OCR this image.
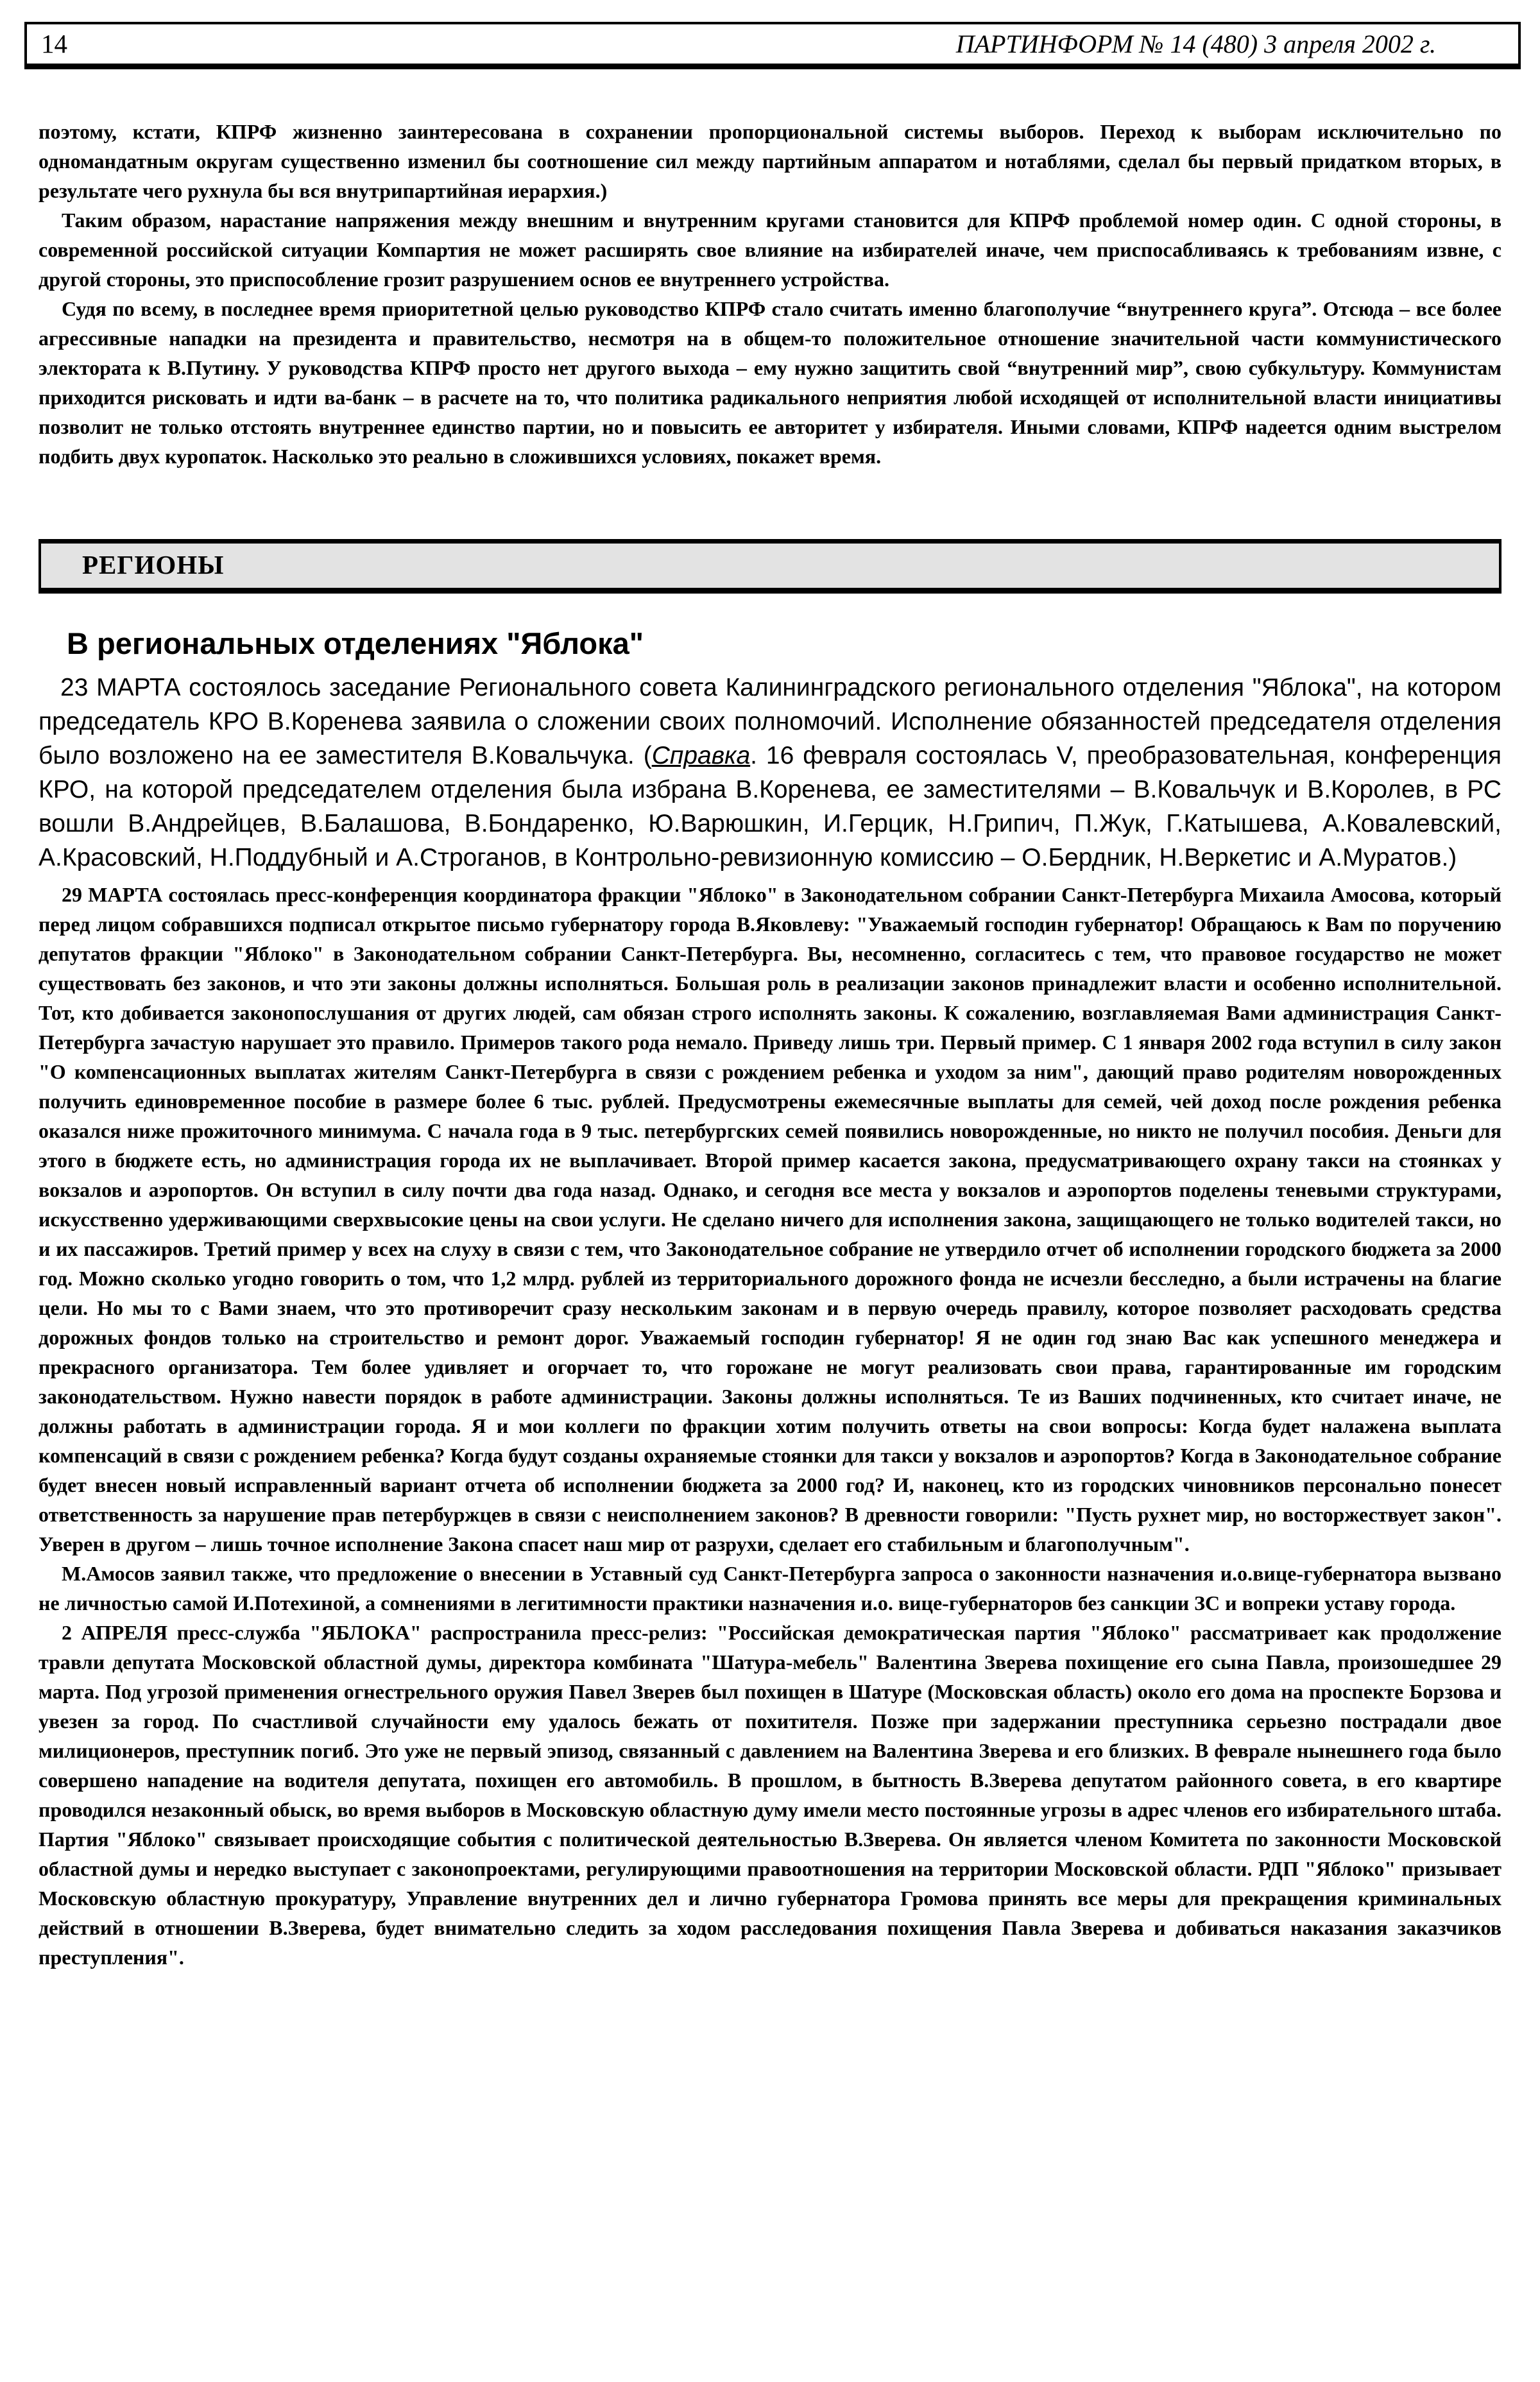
14	ПАРТИНФОРМ № 14 (480) 3 апреля 2002 г.

поэтому, кстати, КПРФ жизненно заинтересована в сохранении пропорциональной системы выборов. Переход к выборам исключительно по одномандатным округам существенно изменил бы соотношение сил между партийным аппаратом и нотаблями, сделал бы первый придатком вторых, в результате чего рухнула бы вся внутрипартийная иерархия.)

Таким образом, нарастание напряжения между внешним и внутренним кругами становится для КПРФ проблемой номер один. С одной стороны, в современной российской ситуации Компартия не может расширять свое влияние на избирателей иначе, чем приспосабливаясь к требованиям извне, с другой стороны, это приспособление грозит разрушением основ ее внутреннего устройства.

Судя по всему, в последнее время приоритетной целью руководство КПРФ стало считать именно благополучие “внутреннего круга”. Отсюда – все более агрессивные нападки на президента и правительство, несмотря на в общем-то положительное отношение значительной части коммунистического электората к В.Путину. У руководства КПРФ просто нет другого выхода – ему нужно защитить свой “внутренний мир”, свою субкультуру. Коммунистам приходится рисковать и идти ва-банк – в расчете на то, что политика радикального неприятия любой исходящей от исполнительной власти инициативы позволит не только отстоять внутреннее единство партии, но и повысить ее авторитет у избирателя. Иными словами, КПРФ надеется одним выстрелом подбить двух куропаток. Насколько это реально в сложившихся условиях, покажет время.

РЕГИОНЫ
В региональных отделениях "Яблока"

23 МАРТА состоялось заседание Регионального совета Калининградского регионального отделения "Яблока", на котором председатель КРО В.Коренева заявила о сложении своих полномочий. Исполнение обязанностей председателя отделения было возложено на ее заместителя В.Ковальчука. (Справка. 16 февраля состоялась V, преобразовательная, конференция КРО, на которой председателем отделения была избрана В.Коренева, ее заместителями – В.Ковальчук и В.Королев, в РС вошли В.Андрейцев, В.Балашова, В.Бондаренко, Ю.Варюшкин, И.Герцик, Н.Грипич, П.Жук, Г.Катышева, А.Ковалевский, А.Красовский, Н.Поддубный и А.Строганов, в Контрольно-ревизионную комиссию – О.Бердник, Н.Веркетис и А.Муратов.)

29 МАРТА состоялась пресс-конференция координатора фракции "Яблоко" в Законодательном собрании Санкт-Петербурга Михаила Амосова, который перед лицом собравшихся подписал открытое письмо губернатору города В.Яковлеву: "Уважаемый господин губернатор! Обращаюсь к Вам по поручению депутатов фракции "Яблоко" в Законодательном собрании Санкт-Петербурга. Вы, несомненно, согласитесь с тем, что правовое государство не может существовать без законов, и что эти законы должны исполняться. Большая роль в реализации законов принадлежит власти и особенно исполнительной. Тот, кто добивается законопослушания от других людей, сам обязан строго исполнять законы. К сожалению, возглавляемая Вами администрация Санкт-Петербурга зачастую нарушает это правило. Примеров такого рода немало. Приведу лишь три. Первый пример. С 1 января 2002 года вступил в силу закон "О компенсационных выплатах жителям Санкт-Петербурга в связи с рождением ребенка и уходом за ним", дающий право родителям новорожденных получить единовременное пособие в размере более 6 тыс. рублей. Предусмотрены ежемесячные выплаты для семей, чей доход после рождения ребенка оказался ниже прожиточного минимума. С начала года в 9 тыс. петербургских семей появились новорожденные, но никто не получил пособия. Деньги для этого в бюджете есть, но администрация города их не выплачивает. Второй пример касается закона, предусматривающего охрану такси на стоянках у вокзалов и аэропортов. Он вступил в силу почти два года назад. Однако, и сегодня все места у вокзалов и аэропортов поделены теневыми структурами, искусственно удерживающими сверхвысокие цены на свои услуги. Не сделано ничего для исполнения закона, защищающего не только водителей такси, но и их пассажиров. Третий пример у всех на слуху в связи с тем, что Законодательное собрание не утвердило отчет об исполнении городского бюджета за 2000 год. Можно сколько угодно говорить о том, что 1,2 млрд. рублей из территориального дорожного фонда не исчезли бесследно, а были истрачены на благие цели. Но мы то с Вами знаем, что это противоречит сразу нескольким законам и в первую очередь правилу, которое позволяет расходовать средства дорожных фондов только на строительство и ремонт дорог. Уважаемый господин губернатор! Я не один год знаю Вас как успешного менеджера и прекрасного организатора. Тем более удивляет и огорчает то, что горожане не могут реализовать свои права, гарантированные им городским законодательством. Нужно навести порядок в работе администрации. Законы должны исполняться. Те из Ваших подчиненных, кто считает иначе, не должны работать в администрации города. Я и мои коллеги по фракции хотим получить ответы на свои вопросы: Когда будет налажена выплата компенсаций в связи с рождением ребенка? Когда будут созданы охраняемые стоянки для такси у вокзалов и аэропортов? Когда в Законодательное собрание будет внесен новый исправленный вариант отчета об исполнении бюджета за 2000 год? И, наконец, кто из городских чиновников персонально понесет ответственность за нарушение прав петербуржцев в связи с неисполнением законов? В древности говорили: "Пусть рухнет мир, но восторжествует закон". Уверен в другом – лишь точное исполнение Закона спасет наш мир от разрухи, сделает его стабильным и благополучным".

М.Амосов заявил также, что предложение о внесении в Уставный суд Санкт-Петербурга запроса о законности назначения и.о.вице-губернатора вызвано не личностью самой И.Потехиной, а сомнениями в легитимности практики назначения и.о. вице-губернаторов без санкции ЗС и вопреки уставу города.

2 АПРЕЛЯ пресс-служба "ЯБЛОКА" распространила пресс-релиз: "Российская демократическая партия "Яблоко" рассматривает как продолжение травли депутата Московской областной думы, директора комбината "Шатура-мебель" Валентина Зверева похищение его сына Павла, произошедшее 29 марта. Под угрозой применения огнестрельного оружия Павел Зверев был похищен в Шатуре (Московская область) около его дома на проспекте Борзова и увезен за город. По счастливой случайности ему удалось бежать от похитителя. Позже при задержании преступника серьезно пострадали двое милиционеров, преступник погиб. Это уже не первый эпизод, связанный с давлением на Валентина Зверева и его близких. В феврале нынешнего года было совершено нападение на водителя депутата, похищен его автомобиль. В прошлом, в бытность В.Зверева депутатом районного совета, в его квартире проводился незаконный обыск, во время выборов в Московскую областную думу имели место постоянные угрозы в адрес членов его избирательного штаба. Партия "Яблоко" связывает происходящие события с политической деятельностью В.Зверева. Он является членом Комитета по законности Московской областной думы и нередко выступает с законопроектами, регулирующими правоотношения на территории Московской области. РДП "Яблоко" призывает Московскую областную прокуратуру, Управление внутренних дел и лично губернатора Громова принять все меры для прекращения криминальных действий в отношении В.Зверева, будет внимательно следить за ходом расследования похищения Павла Зверева и добиваться наказания заказчиков преступления".
